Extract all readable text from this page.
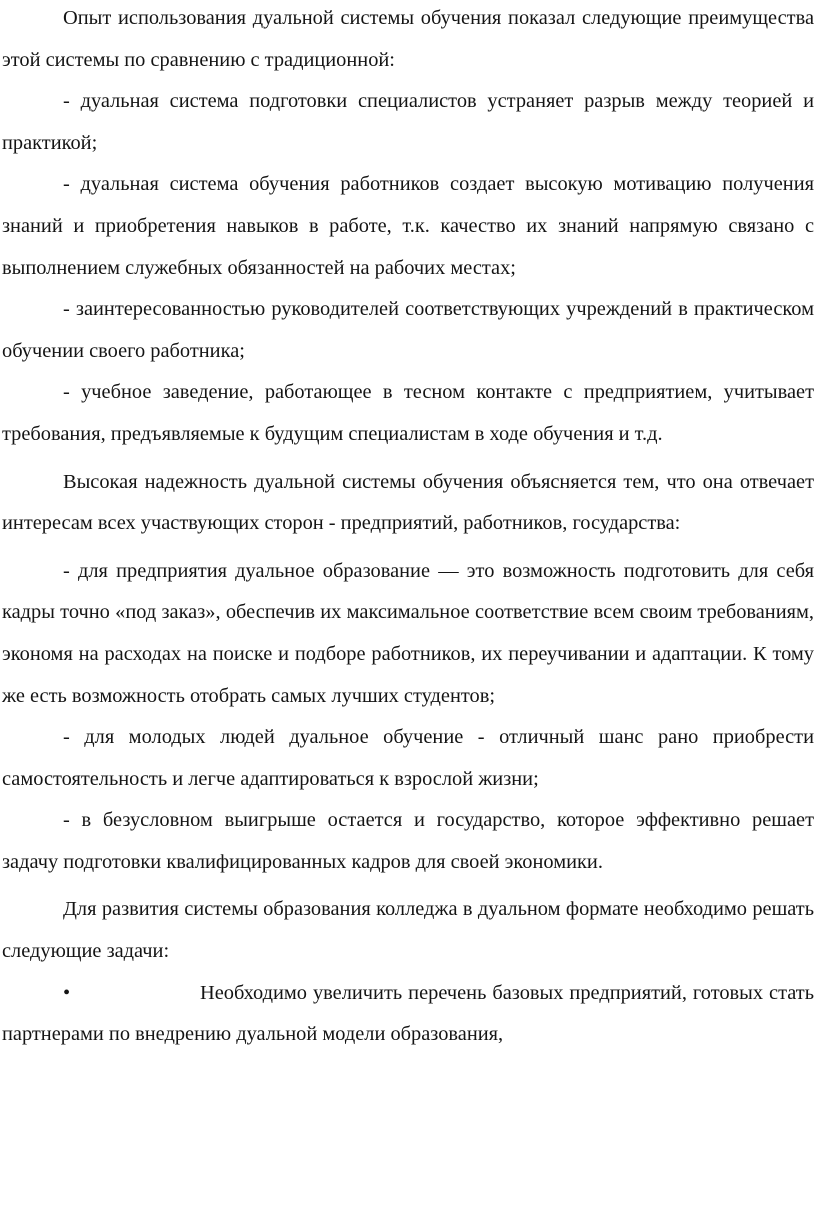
Опыт использования дуальной системы обучения показал следующие преимущества этой системы по сравнению с традиционной:

- дуальная система подготовки специалистов устраняет разрыв между теорией и практикой;

- дуальная система обучения работников создает высокую мотивацию получения знаний и приобретения навыков в работе, т.к. качество их знаний напрямую связано с выполнением служебных обязанностей на рабочих местах;

- заинтересованностью руководителей соответствующих учреждений в практическом обучении своего работника;

- учебное заведение, работающее в тесном контакте с предприятием, учитывает требования, предъявляемые к будущим специалистам в ходе обучения и т.д.

Высокая надежность дуальной системы обучения объясняется тем, что она отвечает интересам всех участвующих сторон - предприятий, работников, государства:

- для предприятия дуальное образование — это возможность подготовить для себя кадры точно «под заказ», обеспечив их максимальное соответствие всем своим требованиям, экономя на расходах на поиске и подборе работников, их переучивании и адаптации. К тому же есть возможность отобрать самых лучших студентов;

- для молодых людей дуальное обучение - отличный шанс рано приобрести самостоятельность и легче адаптироваться к взрослой жизни;

- в безусловном выигрыше остается и государство, которое эффективно решает задачу подготовки квалифицированных кадров для своей экономики.

Для развития системы образования колледжа в дуальном формате необходимо решать следующие задачи:

•	Необходимо увеличить перечень базовых предприятий, готовых стать партнерами по внедрению дуальной модели образования,
